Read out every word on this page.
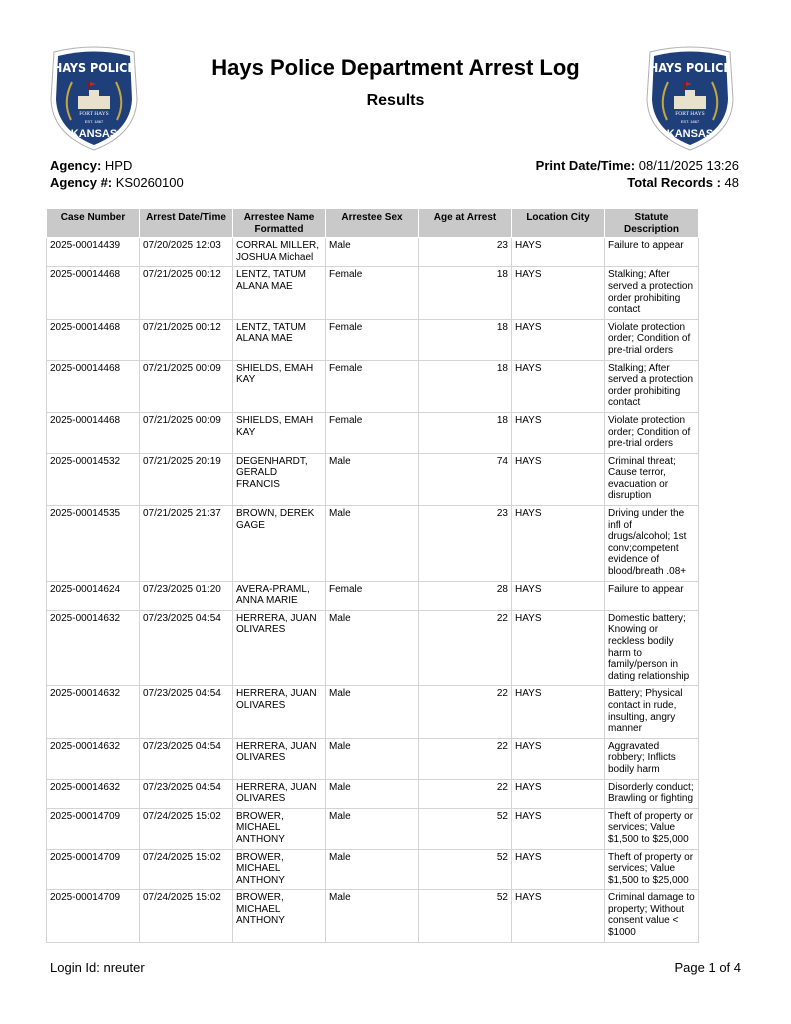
HAYS POLICE
FORT HAYS
EST. 1867
KANSAS
HAYS POLICE
FORT HAYS
EST. 1867
KANSAS
Hays Police Department Arrest Log
Results
Agency: HPD
Agency #: KS0260100
Print Date/Time: 08/11/2025 13:26
Total Records : 48
Case Number	Arrest Date/Time	Arrestee Name Formatted	Arrestee Sex	Age at Arrest	Location City	Statute Description
2025-00014439	07/20/2025 12:03	CORRAL MILLER, JOSHUA Michael	Male	23	HAYS	Failure to appear
2025-00014468	07/21/2025 00:12	LENTZ, TATUM ALANA MAE	Female	18	HAYS	Stalking; After served a protection order prohibiting contact
2025-00014468	07/21/2025 00:12	LENTZ, TATUM ALANA MAE	Female	18	HAYS	Violate protection order; Condition of pre-trial orders
2025-00014468	07/21/2025 00:09	SHIELDS, EMAH KAY	Female	18	HAYS	Stalking; After served a protection order prohibiting contact
2025-00014468	07/21/2025 00:09	SHIELDS, EMAH KAY	Female	18	HAYS	Violate protection order; Condition of pre-trial orders
2025-00014532	07/21/2025 20:19	DEGENHARDT, GERALD FRANCIS	Male	74	HAYS	Criminal threat; Cause terror, evacuation or disruption
2025-00014535	07/21/2025 21:37	BROWN, DEREK GAGE	Male	23	HAYS	Driving under the infl of drugs/alcohol; 1st conv;competent evidence of blood/breath .08+
2025-00014624	07/23/2025 01:20	AVERA-PRAML, ANNA MARIE	Female	28	HAYS	Failure to appear
2025-00014632	07/23/2025 04:54	HERRERA, JUAN OLIVARES	Male	22	HAYS	Domestic battery; Knowing or reckless bodily harm to family/person in dating relationship
2025-00014632	07/23/2025 04:54	HERRERA, JUAN OLIVARES	Male	22	HAYS	Battery; Physical contact in rude, insulting, angry manner
2025-00014632	07/23/2025 04:54	HERRERA, JUAN OLIVARES	Male	22	HAYS	Aggravated robbery; Inflicts bodily harm
2025-00014632	07/23/2025 04:54	HERRERA, JUAN OLIVARES	Male	22	HAYS	Disorderly conduct; Brawling or fighting
2025-00014709	07/24/2025 15:02	BROWER, MICHAEL ANTHONY	Male	52	HAYS	Theft of property or services; Value $1,500 to $25,000
2025-00014709	07/24/2025 15:02	BROWER, MICHAEL ANTHONY	Male	52	HAYS	Theft of property or services; Value $1,500 to $25,000
2025-00014709	07/24/2025 15:02	BROWER, MICHAEL ANTHONY	Male	52	HAYS	Criminal damage to property; Without consent value < $1000
Login Id: nreuter	Page 1 of 4
